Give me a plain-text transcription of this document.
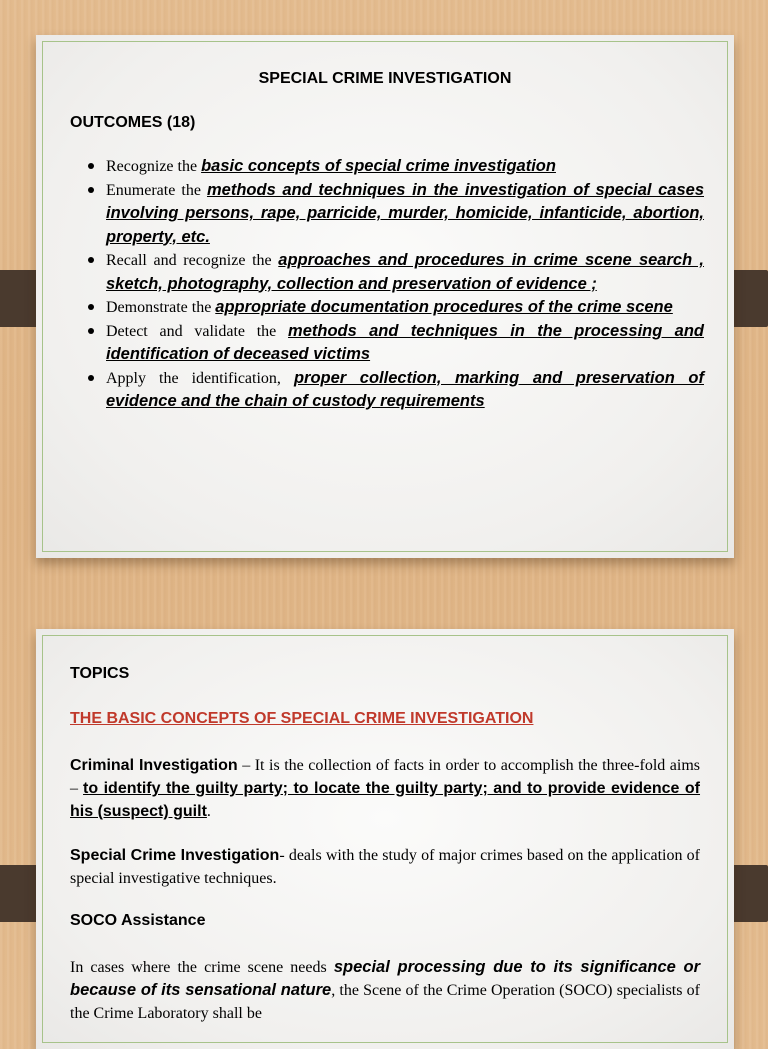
SPECIAL CRIME INVESTIGATION
OUTCOMES (18)
Recognize the basic concepts of special crime investigation
Enumerate the methods and techniques in the investigation of special cases involving persons, rape, parricide, murder, homicide, infanticide, abortion, property, etc.
Recall and recognize the approaches and procedures in crime scene search , sketch, photography, collection and preservation of evidence ;
Demonstrate the appropriate documentation procedures of the crime scene
Detect and validate the methods and techniques in the processing and identification of deceased victims
Apply the identification, proper collection, marking and preservation of evidence and the chain of custody requirements
TOPICS
THE BASIC CONCEPTS OF SPECIAL CRIME INVESTIGATION
Criminal Investigation – It is the collection of facts in order to accomplish the three-fold aims – to identify the guilty party; to locate the guilty party; and to provide evidence of his (suspect) guilt.
Special Crime Investigation- deals with the study of major crimes based on the application of special investigative techniques.
SOCO Assistance
In cases where the crime scene needs special processing due to its significance or because of its sensational nature, the Scene of the Crime Operation (SOCO) specialists of the Crime Laboratory shall be
